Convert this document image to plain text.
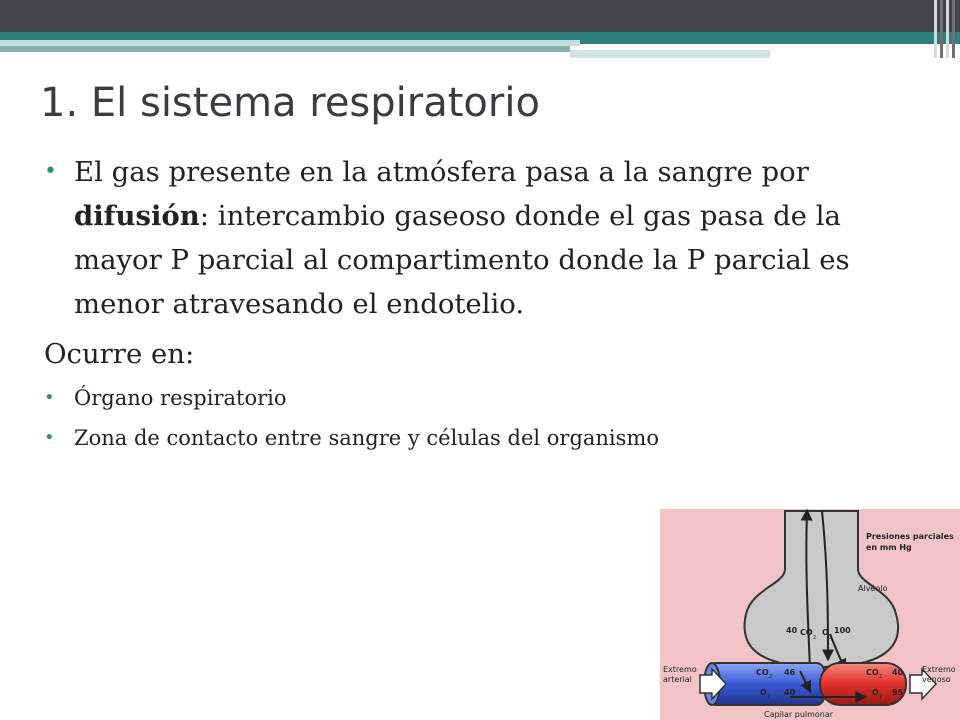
1. El sistema respiratorio
• El gas presente en la atmósfera pasa a la sangre por difusión: intercambio gaseoso donde el gas pasa de la mayor P parcial al compartimento donde la P parcial es menor atravesando el endotelio.

Ocurre en:

• Órgano respiratorio

• Zona de contacto entre sangre y células del organismo

Presiones parciales
en mm Hg
Alvéolo
40 CO
2
O
2
100
Extremo
arterial
Extremo
venoso
CO 2 46
O 2 40
CO 2 40
O 2 95
Capilar pulmonar
